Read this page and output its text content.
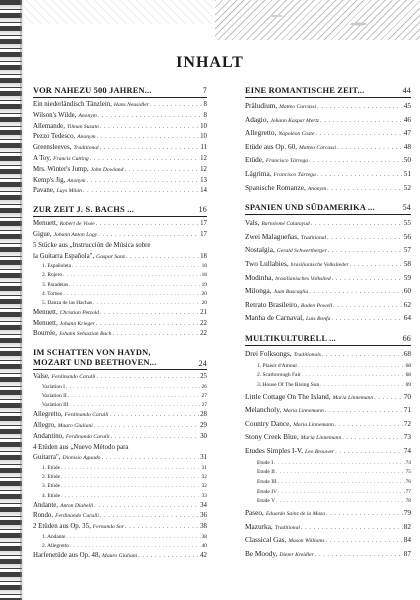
INHALT
VOR NAHEZU 500 JAHREN...	7
Ein niederländisch Tänzlein, Hans Neusidler . . .	8
Wilson's Wilde, Anonym . . .	8
Allemande, Tilman Susato . . .	10
Pezzo Tedesco, Anonym . . .	10
Greensleeves, Traditional . . .	11
A Toy, Francis Cutting . . .	12
Mrs. Winter's Jump, John Dowland . . .	12
Kemp's Jig, Anonym . . .	13
Pavane, Luys Milán . . .	14
ZUR ZEIT J. S. BACHS ...	16
Menuett, Robert de Visée . . .	17
Gigue, Johann Anton Logy . . .	17
5 Stücke aus „Instrucción de Música sobre
la Guitarra Española", Gaspar Sanz . . .	18
1. Españoleta . . .	18
2. Rujero . . .	18
3. Paradetas . . .	19
4. Torneo . . .	20
5. Danza de las Hachas . . .	20
Menuett, Christian Petzold . . .	21
Menuett, Johann Krieger . . .	22
Bourrée, Johann Sebastian Bach . . .	22
IM SCHATTEN VON HAYDN,
MOZART UND BEETHOVEN...	24
Valse, Ferdinando Carulli . . .	25
Variation I . . .	26
Variation II . . .	27
Variation III . . .	27
Allegretto, Ferdinando Carulli . . .	28
Allegro, Mauro Giuliani . . .	29
Andantino, Ferdinando Carulli . . .	30
4 Etüden aus „Nuevo Método para
Guitarra", Dionisio Aguado . . .	31
1. Etüde . . .	31
2. Etüde . . .	32
3. Etüde . . .	32
4. Etüde . . .	33
Andante, Anton Diabelli . . .	34
Rondo, Ferdinando Carulli . . .	36
2 Etüden aus Op. 35, Fernando Sor . . .	38
1. Andante . . .	38
2. Allegretto . . .	40
Harfenetüde aus Op. 48, Mauro Giuliani . . .	42
EINE ROMANTISCHE ZEIT...	44
Präludium, Matteo Carcassi . . .	45
Adagio, Johann Kaspar Mertz . . .	46
Allegretto, Napoléon Coste . . .	47
Etüde aus Op. 60, Matteo Carcassi . . .	48
Etüde, Francisco Tárrega . . .	50
Lágrima, Francisco Tárrega . . .	51
Spanische Romanze, Anonym . . .	52
SPANIEN UND SÜDAMERIKA ...	54
Vals, Bartolomé Calatayud . . .	55
Zwei Malagueñas, Traditional . . .	56
Nostalgia, Gerald Schwertberger . . .	57
Two Lullabies, brasilianische Volkslieder . . .	58
Modinha, brasilianisches Volkslied . . .	59
Milonga, Juan Buscaglia . . .	60
Retrato Brasileiro, Baden Powell . . .	62
Manha de Carnaval, Luis Bonfa . . .	64
MULTIKULTURELL ...	66
Drei Folksongs, Traditionals . . .	68
1. Plaisir d'Amour . . .	68
2. Scarborough Fair . . .	68
3. House Of The Rising Sun . . .	69
Little Cottage On The Island, Maria Linnemann . . .	70
Melancholy, Maria Linnemann . . .	71
Country Dance, Maria Linnemann . . .	72
Stony Creek Blue, Maria Linnemann . . .	73
Etudes Simples I-V, Leo Brouwer . . .	74
Etude I . . .	74
Etude II . . .	75
Etude III . . .	76
Etude IV . . .	77
Etude V . . .	78
Paseo, Eduardo Sainz de la Maza . . .	79
Mazurka, Traditional . . .	82
Classical Gas, Mason Williams . . .	84
Be Moody, Dieter Kreidler . . .	87
